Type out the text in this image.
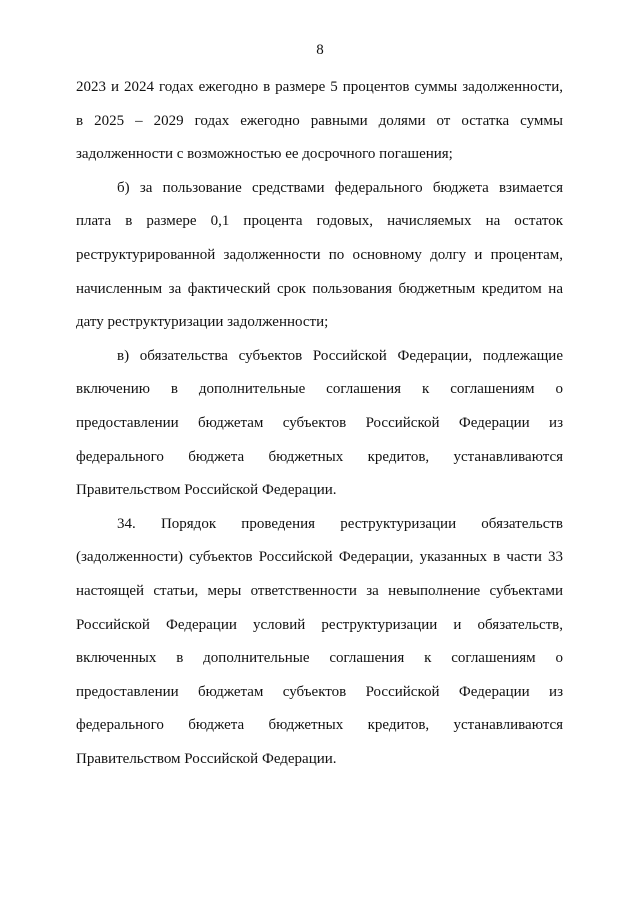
8
2023 и 2024 годах ежегодно в размере 5 процентов суммы задолженности,
в 2025 – 2029 годах ежегодно равными долями от остатка суммы
задолженности с возможностью ее досрочного погашения;
б) за пользование средствами федерального бюджета взимается
плата в размере 0,1 процента годовых, начисляемых на остаток
реструктурированной задолженности по основному долгу и процентам,
начисленным за фактический срок пользования бюджетным кредитом на
дату реструктуризации задолженности;
в) обязательства субъектов Российской Федерации, подлежащие
включению в дополнительные соглашения к соглашениям о
предоставлении бюджетам субъектов Российской Федерации из
федерального бюджета бюджетных кредитов, устанавливаются
Правительством Российской Федерации.
34. Порядок проведения реструктуризации обязательств
(задолженности) субъектов Российской Федерации, указанных в части 33
настоящей статьи, меры ответственности за невыполнение субъектами
Российской Федерации условий реструктуризации и обязательств,
включенных в дополнительные соглашения к соглашениям о
предоставлении бюджетам субъектов Российской Федерации из
федерального бюджета бюджетных кредитов, устанавливаются
Правительством Российской Федерации.
